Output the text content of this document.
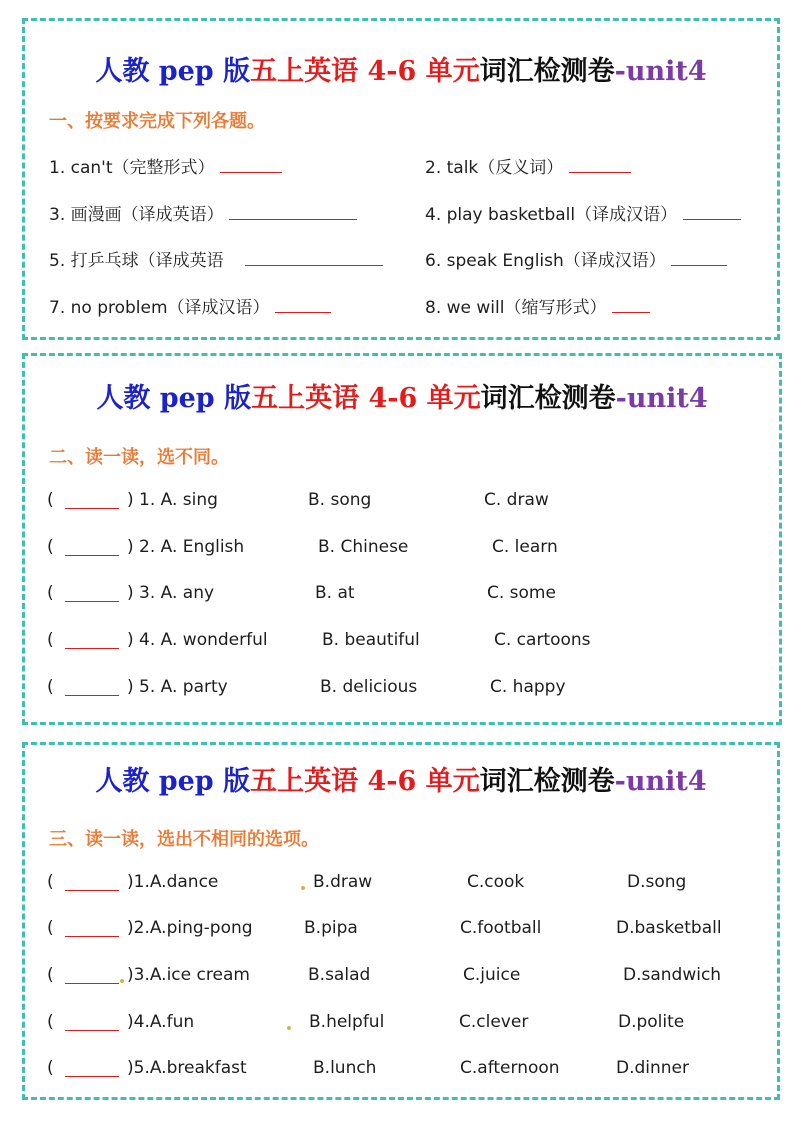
人教 pep 版五上英语 4-6 单元词汇检测卷-unit4
一、按要求完成下列各题。
1. can't（完整形式）	2. talk（反义词）
3. 画漫画（译成英语）	4. play basketball（译成汉语）
5. 打乒乓球（译成英语	6. speak English（译成汉语）
7. no problem（译成汉语）	8. we will（缩写形式）
人教 pep 版五上英语 4-6 单元词汇检测卷-unit4
二、读一读，选不同。
(	) 1. A. sing	B. song	C. draw
(	) 2. A. English	B. Chinese	C. learn
(	) 3. A. any	B. at	C. some
(	) 4. A. wonderful	B. beautiful	C. cartoons
(	) 5. A. party	B. delicious	C. happy
人教 pep 版五上英语 4-6 单元词汇检测卷-unit4
三、读一读，选出不相同的选项。
(	)1.A.dance	B.draw	C.cook	D.song
(	)2.A.ping-pong	B.pipa	C.football	D.basketball
(	)3.A.ice cream	B.salad	C.juice	D.sandwich
(	)4.A.fun	B.helpful	C.clever	D.polite
(	)5.A.breakfast	B.lunch	C.afternoon	D.dinner
